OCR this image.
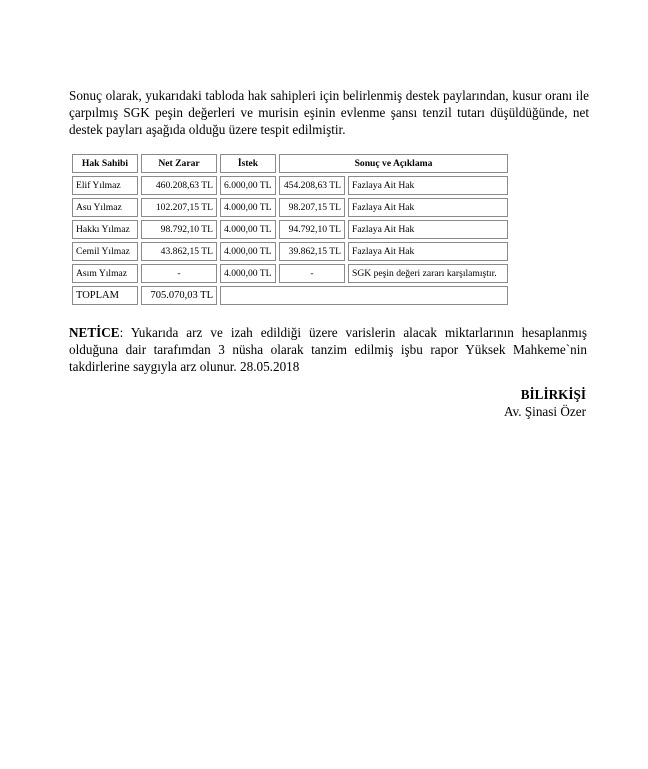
Sonuç olarak, yukarıdaki tabloda hak sahipleri için belirlenmiş destek paylarından, kusur oranı ile çarpılmış SGK peşin değerleri ve murisin eşinin evlenme şansı tenzil tutarı düşüldüğünde, net destek payları aşağıda olduğu üzere tespit edilmiştir.

Hak Sahibi	Net Zarar	İstek	Sonuç ve Açıklama	
Elif Yılmaz	460.208,63 TL	6.000,00 TL	454.208,63 TL	Fazlaya Ait Hak
Asu Yılmaz	102.207,15 TL	4.000,00 TL	98.207,15 TL	Fazlaya Ait Hak
Hakkı Yılmaz	98.792,10 TL	4.000,00 TL	94.792,10 TL	Fazlaya Ait Hak
Cemil Yılmaz	43.862,15 TL	4.000,00 TL	39.862,15 TL	Fazlaya Ait Hak
Asım Yılmaz	-	4.000,00 TL	-	SGK peşin değeri zararı karşılamıştır.
TOPLAM	705.070,03 TL			

NETİCE: Yukarıda arz ve izah edildiği üzere varislerin alacak miktarlarının hesaplanmış olduğuna dair tarafımdan 3 nüsha olarak tanzim edilmiş işbu rapor Yüksek Mahkeme`nin takdirlerine saygıyla arz olunur. 28.05.2018

BİLİRKİŞİ
Av. Şinasi Özer
